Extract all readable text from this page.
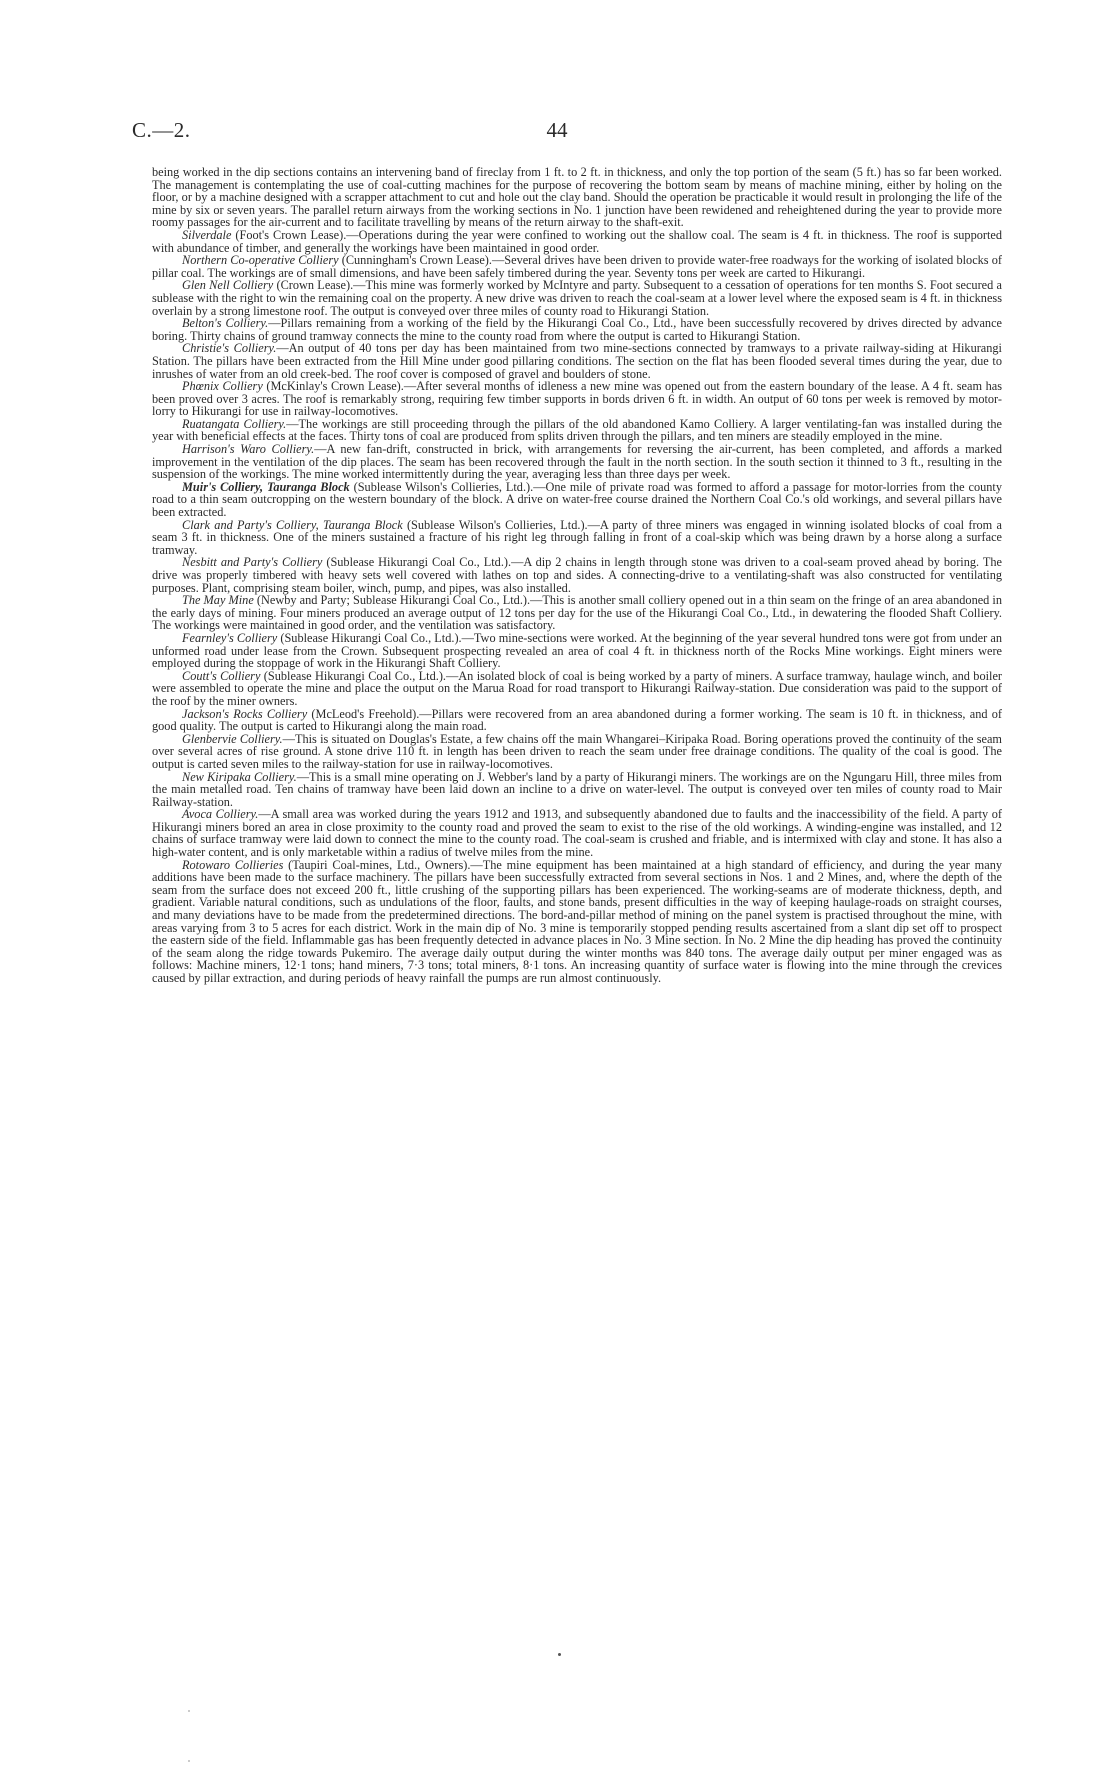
C.—2.	44

being worked in the dip sections contains an intervening band of fireclay from 1 ft. to 2 ft. in thickness, and only the top portion of the seam (5 ft.) has so far been worked. The management is contemplating the use of coal-cutting machines for the purpose of recovering the bottom seam by means of machine mining, either by holing on the floor, or by a machine designed with a scrapper attachment to cut and hole out the clay band. Should the operation be practicable it would result in prolonging the life of the mine by six or seven years. The parallel return airways from the working sections in No. 1 junction have been rewidened and reheightened during the year to provide more roomy passages for the air-current and to facilitate travelling by means of the return airway to the shaft-exit.

Silverdale (Foot's Crown Lease).—Operations during the year were confined to working out the shallow coal. The seam is 4 ft. in thickness. The roof is supported with abundance of timber, and generally the workings have been maintained in good order.

Northern Co-operative Colliery (Cunningham's Crown Lease).—Several drives have been driven to provide water-free roadways for the working of isolated blocks of pillar coal. The workings are of small dimensions, and have been safely timbered during the year. Seventy tons per week are carted to Hikurangi.

Glen Nell Colliery (Crown Lease).—This mine was formerly worked by McIntyre and party. Subsequent to a cessation of operations for ten months S. Foot secured a sublease with the right to win the remaining coal on the property. A new drive was driven to reach the coal-seam at a lower level where the exposed seam is 4 ft. in thickness overlain by a strong limestone roof. The output is conveyed over three miles of county road to Hikurangi Station.

Belton's Colliery.—Pillars remaining from a working of the field by the Hikurangi Coal Co., Ltd., have been successfully recovered by drives directed by advance boring. Thirty chains of ground tramway connects the mine to the county road from where the output is carted to Hikurangi Station.

Christie's Colliery.—An output of 40 tons per day has been maintained from two mine-sections connected by tramways to a private railway-siding at Hikurangi Station. The pillars have been extracted from the Hill Mine under good pillaring conditions. The section on the flat has been flooded several times during the year, due to inrushes of water from an old creek-bed. The roof cover is composed of gravel and boulders of stone.

Phœnix Colliery (McKinlay's Crown Lease).—After several months of idleness a new mine was opened out from the eastern boundary of the lease. A 4 ft. seam has been proved over 3 acres. The roof is remarkably strong, requiring few timber supports in bords driven 6 ft. in width. An output of 60 tons per week is removed by motor-lorry to Hikurangi for use in railway-locomotives.

Ruatangata Colliery.—The workings are still proceeding through the pillars of the old abandoned Kamo Colliery. A larger ventilating-fan was installed during the year with beneficial effects at the faces. Thirty tons of coal are produced from splits driven through the pillars, and ten miners are steadily employed in the mine.

Harrison's Waro Colliery.—A new fan-drift, constructed in brick, with arrangements for reversing the air-current, has been completed, and affords a marked improvement in the ventilation of the dip places. The seam has been recovered through the fault in the north section. In the south section it thinned to 3 ft., resulting in the suspension of the workings. The mine worked intermittently during the year, averaging less than three days per week.

Muir's Colliery, Tauranga Block (Sublease Wilson's Collieries, Ltd.).—One mile of private road was formed to afford a passage for motor-lorries from the county road to a thin seam outcropping on the western boundary of the block. A drive on water-free course drained the Northern Coal Co.'s old workings, and several pillars have been extracted.

Clark and Party's Colliery, Tauranga Block (Sublease Wilson's Collieries, Ltd.).—A party of three miners was engaged in winning isolated blocks of coal from a seam 3 ft. in thickness. One of the miners sustained a fracture of his right leg through falling in front of a coal-skip which was being drawn by a horse along a surface tramway.

Nesbitt and Party's Colliery (Sublease Hikurangi Coal Co., Ltd.).—A dip 2 chains in length through stone was driven to a coal-seam proved ahead by boring. The drive was properly timbered with heavy sets well covered with lathes on top and sides. A connecting-drive to a ventilating-shaft was also constructed for ventilating purposes. Plant, comprising steam boiler, winch, pump, and pipes, was also installed.

The May Mine (Newby and Party; Sublease Hikurangi Coal Co., Ltd.).—This is another small colliery opened out in a thin seam on the fringe of an area abandoned in the early days of mining. Four miners produced an average output of 12 tons per day for the use of the Hikurangi Coal Co., Ltd., in dewatering the flooded Shaft Colliery. The workings were maintained in good order, and the ventilation was satisfactory.

Fearnley's Colliery (Sublease Hikurangi Coal Co., Ltd.).—Two mine-sections were worked. At the beginning of the year several hundred tons were got from under an unformed road under lease from the Crown. Subsequent prospecting revealed an area of coal 4 ft. in thickness north of the Rocks Mine workings. Eight miners were employed during the stoppage of work in the Hikurangi Shaft Colliery.

Coutt's Colliery (Sublease Hikurangi Coal Co., Ltd.).—An isolated block of coal is being worked by a party of miners. A surface tramway, haulage winch, and boiler were assembled to operate the mine and place the output on the Marua Road for road transport to Hikurangi Railway-station. Due consideration was paid to the support of the roof by the miner owners.

Jackson's Rocks Colliery (McLeod's Freehold).—Pillars were recovered from an area abandoned during a former working. The seam is 10 ft. in thickness, and of good quality. The output is carted to Hikurangi along the main road.

Glenbervie Colliery.—This is situated on Douglas's Estate, a few chains off the main Whangarei–Kiripaka Road. Boring operations proved the continuity of the seam over several acres of rise ground. A stone drive 110 ft. in length has been driven to reach the seam under free drainage conditions. The quality of the coal is good. The output is carted seven miles to the railway-station for use in railway-locomotives.

New Kiripaka Colliery.—This is a small mine operating on J. Webber's land by a party of Hikurangi miners. The workings are on the Ngungaru Hill, three miles from the main metalled road. Ten chains of tramway have been laid down an incline to a drive on water-level. The output is conveyed over ten miles of county road to Mair Railway-station.

Avoca Colliery.—A small area was worked during the years 1912 and 1913, and subsequently abandoned due to faults and the inaccessibility of the field. A party of Hikurangi miners bored an area in close proximity to the county road and proved the seam to exist to the rise of the old workings. A winding-engine was installed, and 12 chains of surface tramway were laid down to connect the mine to the county road. The coal-seam is crushed and friable, and is intermixed with clay and stone. It has also a high-water content, and is only marketable within a radius of twelve miles from the mine.

Rotowaro Collieries (Taupiri Coal-mines, Ltd., Owners).—The mine equipment has been maintained at a high standard of efficiency, and during the year many additions have been made to the surface machinery. The pillars have been successfully extracted from several sections in Nos. 1 and 2 Mines, and, where the depth of the seam from the surface does not exceed 200 ft., little crushing of the supporting pillars has been experienced. The working-seams are of moderate thickness, depth, and gradient. Variable natural conditions, such as undulations of the floor, faults, and stone bands, present difficulties in the way of keeping haulage-roads on straight courses, and many deviations have to be made from the predetermined directions. The bord-and-pillar method of mining on the panel system is practised throughout the mine, with areas varying from 3 to 5 acres for each district. Work in the main dip of No. 3 mine is temporarily stopped pending results ascertained from a slant dip set off to prospect the eastern side of the field. Inflammable gas has been frequently detected in advance places in No. 3 Mine section. In No. 2 Mine the dip heading has proved the continuity of the seam along the ridge towards Pukemiro. The average daily output during the winter months was 840 tons. The average daily output per miner engaged was as follows: Machine miners, 12·1 tons; hand miners, 7·3 tons; total miners, 8·1 tons. An increasing quantity of surface water is flowing into the mine through the crevices caused by pillar extraction, and during periods of heavy rainfall the pumps are run almost continuously.
